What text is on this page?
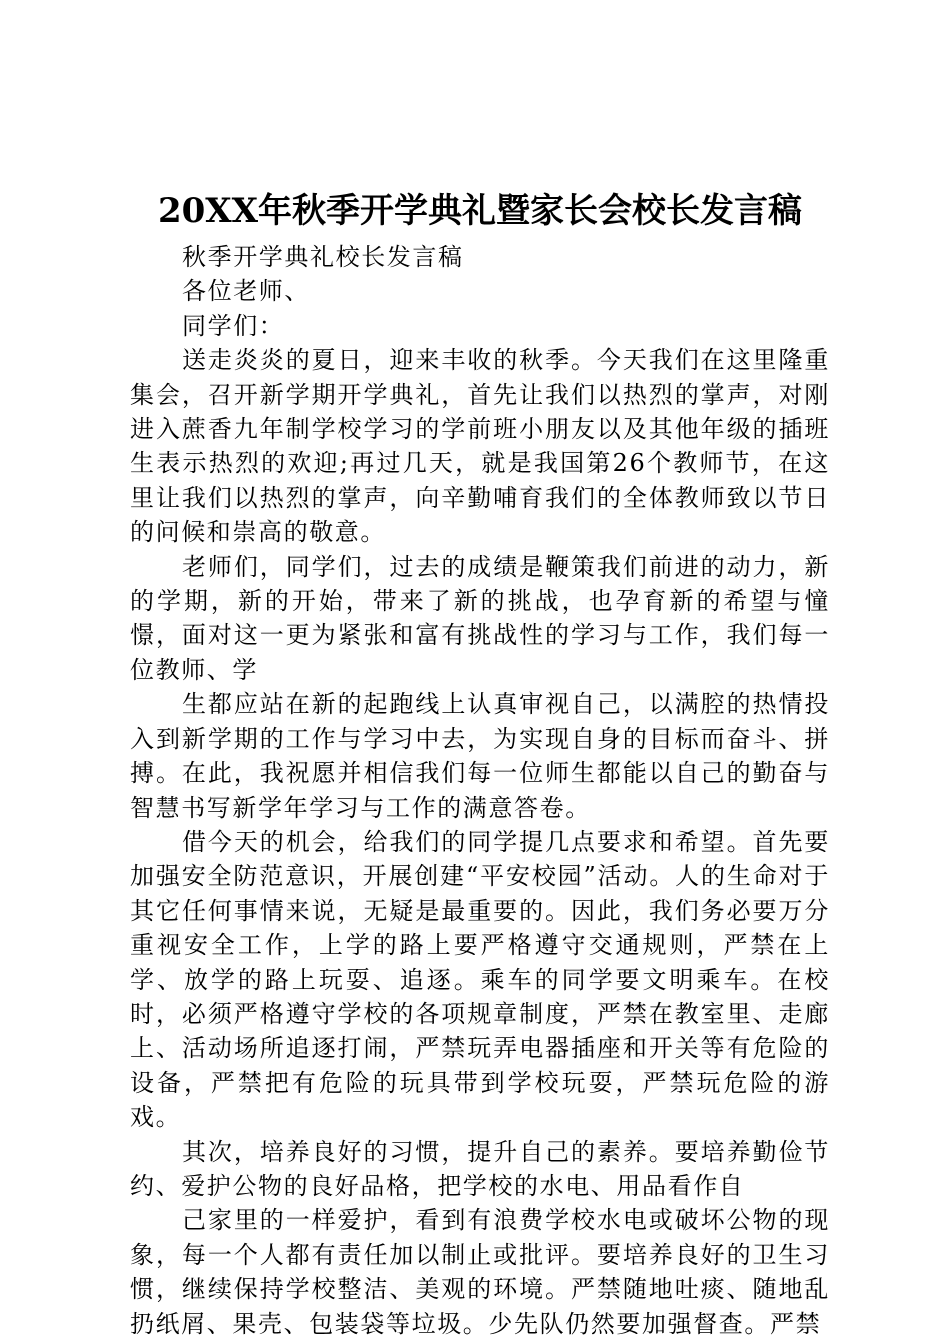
20XX年秋季开学典礼暨家长会校长发言稿

秋季开学典礼校长发言稿

各位老师、

同学们：

送走炎炎的夏日，迎来丰收的秋季。今天我们在这里隆重集会，召开新学期开学典礼，首先让我们以热烈的掌声，对刚进入蔗香九年制学校学习的学前班小朋友以及其他年级的插班生表示热烈的欢迎;再过几天，就是我国第26个教师节，在这里让我们以热烈的掌声，向辛勤哺育我们的全体教师致以节日的问候和崇高的敬意。

老师们，同学们，过去的成绩是鞭策我们前进的动力，新的学期，新的开始，带来了新的挑战，也孕育新的希望与憧憬，面对这一更为紧张和富有挑战性的学习与工作，我们每一位教师、学

生都应站在新的起跑线上认真审视自己，以满腔的热情投入到新学期的工作与学习中去，为实现自身的目标而奋斗、拼搏。在此，我祝愿并相信我们每一位师生都能以自己的勤奋与智慧书写新学年学习与工作的满意答卷。

借今天的机会，给我们的同学提几点要求和希望。首先要加强安全防范意识，开展创建“平安校园”活动。人的生命对于其它任何事情来说，无疑是最重要的。因此，我们务必要万分重视安全工作，上学的路上要严格遵守交通规则，严禁在上学、放学的路上玩耍、追逐。乘车的同学要文明乘车。在校时，必须严格遵守学校的各项规章制度，严禁在教室里、走廊上、活动场所追逐打闹，严禁玩弄电器插座和开关等有危险的设备，严禁把有危险的玩具带到学校玩耍，严禁玩危险的游戏。

其次，培养良好的习惯，提升自己的素养。要培养勤俭节约、爱护公物的良好品格，把学校的水电、用品看作自

己家里的一样爱护，看到有浪费学校水电或破坏公物的现象，每一个人都有责任加以制止或批评。要培养良好的卫生习惯，继续保持学校整洁、美观的环境。严禁随地吐痰、随地乱扔纸屑、果壳、包装袋等垃圾。少先队仍然要加强督查。严禁
